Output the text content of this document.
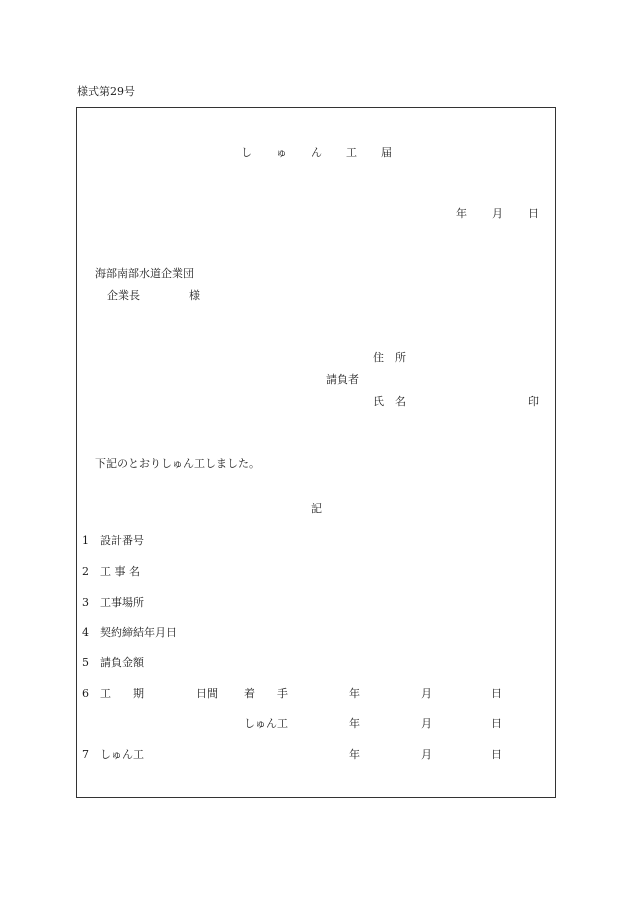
様式第29号
し ゅ ん 工 届
年 月 日
海部南部水道企業団
企業長	様
住　所
請負者
氏　名	印
下記のとおりしゅん工しました。
記
1 設計番号
2 工 事 名
3 工事場所
4 契約締結年月日
5 請負金額
6 工　　期	日間 着　　手	年	月	日
しゅん工	年	月	日
7 しゅん工	年	月	日
